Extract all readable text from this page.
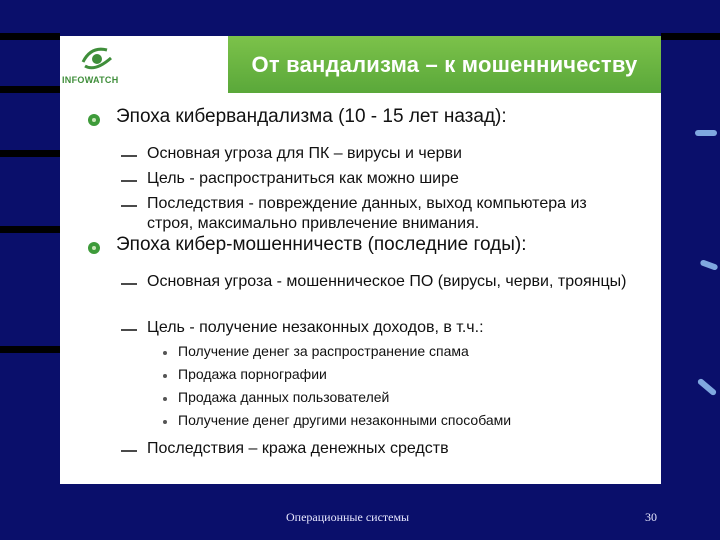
INFOWATCH
От вандализма – к мошенничеству
Эпоха кибервандализма (10 - 15 лет назад):
Основная угроза для ПК – вирусы и черви
Цель - распространиться как можно шире
Последствия - повреждение данных, выход компьютера из строя, максимально привлечение внимания.
Эпоха кибер-мошенничеств (последние годы):
Основная угроза - мошенническое ПО (вирусы, черви, троянцы)
Цель - получение незаконных доходов, в т.ч.:
Получение денег за распространение спама
Продажа порнографии
Продажа данных пользователей
Получение денег другими незаконными способами
Последствия – кража денежных средств
Операционные системы	30
